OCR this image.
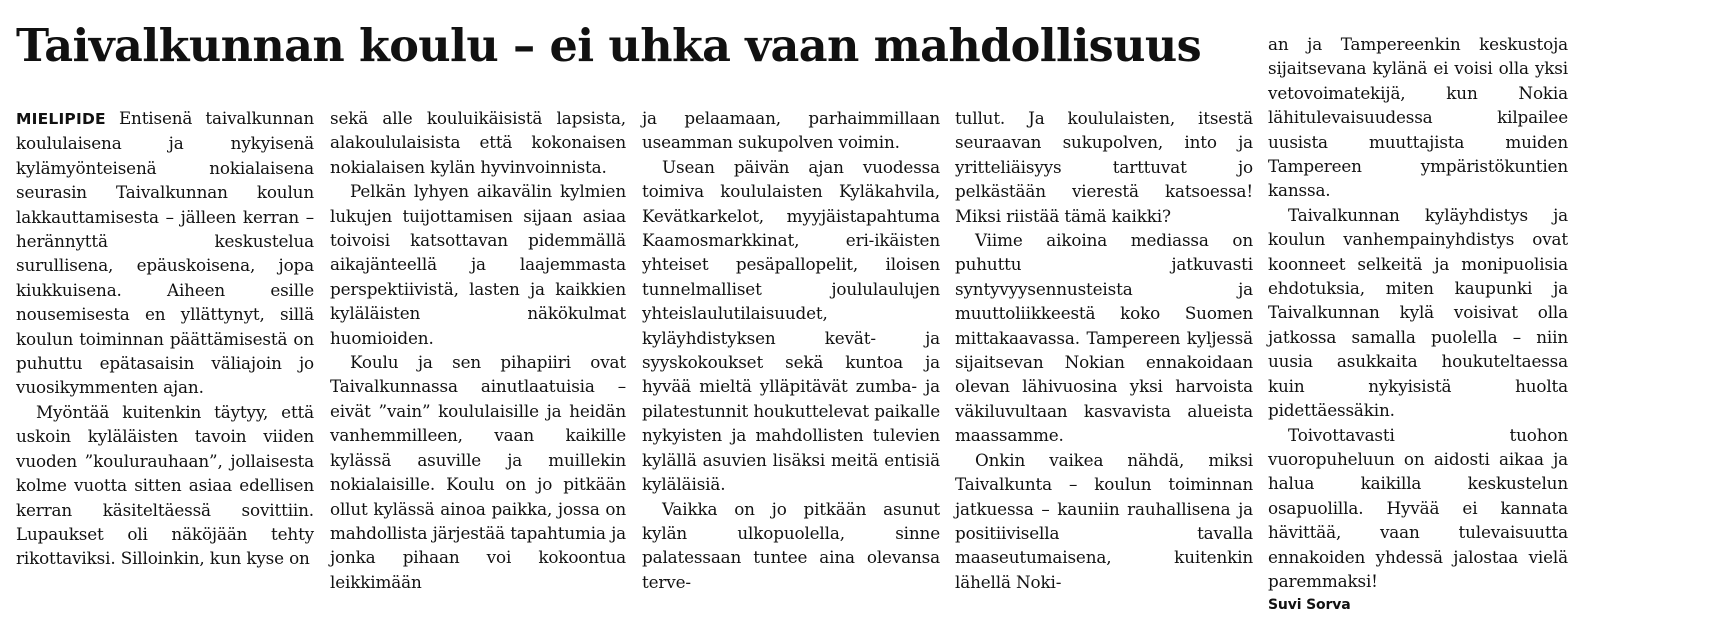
Taivalkunnan koulu – ei uhka vaan mahdollisuus

MIELIPIDE Entisenä taivalkunnan koululaisena ja nykyisenä kylämyönteisenä nokialaisena seurasin Taivalkunnan koulun lakkauttamisesta – jälleen kerran – herännyttä keskustelua surullisena, epäuskoisena, jopa kiukkuisena. Aiheen esille nousemisesta en yllättynyt, sillä koulun toiminnan päättämisestä on puhuttu epätasaisin väliajoin jo vuosikymmenten ajan.

Myöntää kuitenkin täytyy, että uskoin kyläläisten tavoin viiden vuoden ”koulurauhaan”, jollaisesta kolme vuotta sitten asiaa edellisen kerran käsiteltäessä sovittiin. Lupaukset oli näköjään tehty rikottaviksi. Silloinkin, kun kyse on

sekä alle kouluikäisistä lapsista, alakoululaisista että kokonaisen nokialaisen kylän hyvinvoinnista.

Pelkän lyhyen aikavälin kylmien lukujen tuijottamisen sijaan asiaa toivoisi katsottavan pidemmällä aikajänteellä ja laajemmasta perspektiivistä, lasten ja kaikkien kyläläisten näkökulmat huomioiden.

Koulu ja sen pihapiiri ovat Taivalkunnassa ainutlaatuisia – eivät ”vain” koululaisille ja heidän vanhemmilleen, vaan kaikille kylässä asuville ja muillekin nokialaisille. Koulu on jo pitkään ollut kylässä ainoa paikka, jossa on mahdollista järjestää tapahtumia ja jonka pihaan voi kokoontua leikkimään

ja pelaamaan, parhaimmillaan useamman sukupolven voimin.

Usean päivän ajan vuodessa toimiva koululaisten Kyläkahvila, Kevätkarkelot, myyjäistapahtuma Kaamosmarkkinat, eri-ikäisten yhteiset pesäpallopelit, iloisen tunnelmalliset joululaulujen yhteislaulutilaisuudet, kyläyhdistyksen kevät- ja syyskokoukset sekä kuntoa ja hyvää mieltä ylläpitävät zumba- ja pilatestunnit houkuttelevat paikalle nykyisten ja mahdollisten tulevien kylällä asuvien lisäksi meitä entisiä kyläläisiä.

Vaikka on jo pitkään asunut kylän ulkopuolella, sinne palatessaan tuntee aina olevansa terve-

tullut. Ja koululaisten, itsestä seuraavan sukupolven, into ja yritteliäisyys tarttuvat jo pelkästään vierestä katsoessa! Miksi riistää tämä kaikki?

Viime aikoina mediassa on puhuttu jatkuvasti syntyvyysennusteista ja muuttoliikkeestä koko Suomen mittakaavassa. Tampereen kyljessä sijaitsevan Nokian ennakoidaan olevan lähivuosina yksi harvoista väkiluvultaan kasvavista alueista maassamme.

Onkin vaikea nähdä, miksi Taivalkunta – koulun toiminnan jatkuessa – kauniin rauhallisena ja positiivisella tavalla maaseutumaisena, kuitenkin lähellä Noki-

an ja Tampereenkin keskustoja sijaitsevana kylänä ei voisi olla yksi vetovoimatekijä, kun Nokia lähitulevaisuudessa kilpailee uusista muuttajista muiden Tampereen ympäristökuntien kanssa.

Taivalkunnan kyläyhdistys ja koulun vanhempainyhdistys ovat koonneet selkeitä ja monipuolisia ehdotuksia, miten kaupunki ja Taivalkunnan kylä voisivat olla jatkossa samalla puolella – niin uusia asukkaita houkuteltaessa kuin nykyisistä huolta pidettäessäkin.

Toivottavasti tuohon vuoropuheluun on aidosti aikaa ja halua kaikilla keskustelun osapuolilla. Hyvää ei kannata hävittää, vaan tulevaisuutta ennakoiden yhdessä jalostaa vielä paremmaksi!

Suvi Sorva
